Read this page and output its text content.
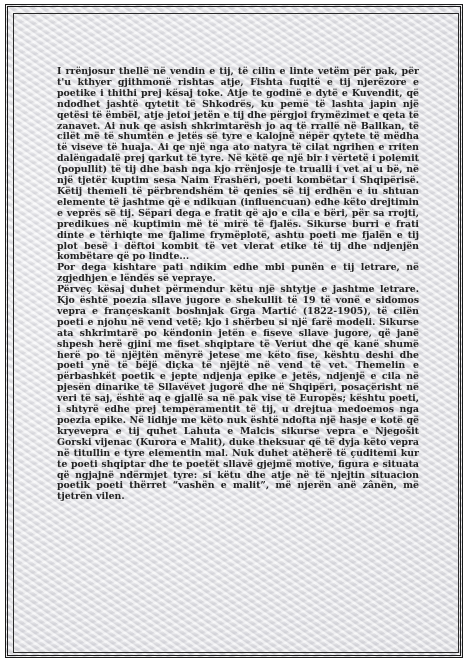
I rrënjosur thellë në vendin e tij, të cilin e linte vetëm për pak, për t'u kthyer gjithmonë rishtas atje, Fishta fuqitë e tij njerëzore e poetike i thithi prej kësaj toke. Atje te godinë e dytë e Kuvendit, që ndodhet jashtë qytetit të Shkodrës, ku pemë të lashta japin një qetësi të ëmbël, atje jetoi jetën e tij dhe përgjoi frymëzimet e qeta të zanavet. Ai nuk qe asish shkrimtarësh jo aq të rrallë në Ballkan, të cilët më të shumtën e jetës së tyre e kalojnë nëpër qytete të mëdha të viseve të huaja. Ai qe një nga ato natyra të cilat ngrihen e rriten dalëngadalë prej qarkut të tyre. Në këtë qe një bir i vërtetë i polemit (popullit) të tij dhe bash nga kjo rrënjosje te trualli i vet ai u bë, në një tjetër kuptim sesa Naim Frashëri, poeti kombëtar i Shqipërisë. Këtij themeli të përbrendshëm të qenies së tij erdhën e iu shtuan elemente të jashtme që e ndikuan (influencuan) edhe këto drejtimin e veprës së tij. Sëpari dega e fratit që ajo e cila e bëri, për sa rrojti, predikues në kuptimin më të mirë të fjalës. Sikurse burri e frati dinte e tërhiqte me fjalime frymëplotë, ashtu poeti me fjalën e tij plot besë i dëftoi kombit të vet vlerat etike të tij dhe ndjenjën kombëtare që po lindte...

Por dega kishtare pati ndikim edhe mbi punën e tij letrare, në zgjedhjen e lëndës së vepraye.

Përveç kësaj duhet përmendur këtu një shtytje e jashtme letrare. Kjo është poezia sllave jugore e shekullit të 19 të vonë e sidomos vepra e françeskanit boshnjak Grga Martić (1822-1905), të cilën poeti e njohu në vend vetë; kjo i shërbeu si një farë modeli. Sikurse ata shkrimtarë po këndonin jetën e fiseve sllave jugore, që janë shpesh herë gjini me fiset shqiptare të Veriut dhe që kanë shumë herë po të njëjtën mënyrë jetese me këto fise, kështu deshi dhe poeti ynë të bëjë diçka të njëjtë në vend të vet. Themelin e përbashkët poetik e jepte ndjenja epike e jetës, ndjenjë e cila në pjesën dinarike të Sllavëvet jugorë dhe në Shqipëri, posaçërisht në veri të saj, është aq e gjallë sa në pak vise të Europës; kështu poeti, i shtyrë edhe prej temperamentit të tij, u drejtua medoemos nga poezia epike. Në lidhje me këto nuk është ndofta një hasje e kotë që kryevepra e tij quhet Lahuta e Malcis sikurse vepra e Njegošit Gorski vijenac (Kurora e Malit), duke theksuar që të dyja këto vepra në titullin e tyre elementin mal. Nuk duhet atëherë të çuditemi kur te poeti shqiptar dhe te poetët sllavë gjejmë motive, figura e situata që ngjajnë ndërmjet tyre: si këtu dhe atje në të njejtin situacion poetik poeti thërret “vashën e malit”, më njerën anë zânën, më tjetrën vilen.
